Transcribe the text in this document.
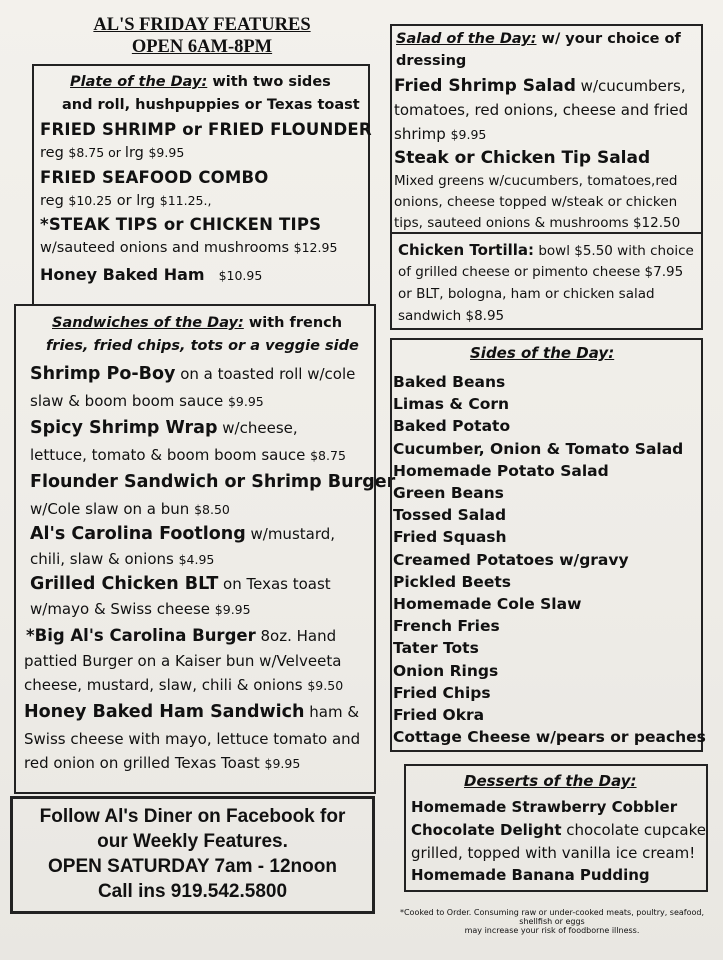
AL'S FRIDAY FEATURES
OPEN 6AM-8PM
Plate of the Day: with two sides
and roll, hushpuppies or Texas toast
FRIED SHRIMP or FRIED FLOUNDER
reg $8.75 or lrg $9.95
FRIED SEAFOOD COMBO
reg $10.25 or lrg $11.25.,
*STEAK TIPS or CHICKEN TIPS
w/sauteed onions and mushrooms $12.95
Honey Baked Ham $10.95
Sandwiches of the Day: with french
fries, fried chips, tots or a veggie side
Shrimp Po-Boy on a toasted roll w/cole
slaw & boom boom sauce $9.95
Spicy Shrimp Wrap w/cheese,
lettuce, tomato & boom boom sauce $8.75
Flounder Sandwich or Shrimp Burger
w/Cole slaw on a bun $8.50
Al's Carolina Footlong w/mustard,
chili, slaw & onions $4.95
Grilled Chicken BLT on Texas toast
w/mayo & Swiss cheese $9.95
*Big Al's Carolina Burger 8oz. Hand
pattied Burger on a Kaiser bun w/Velveeta
cheese, mustard, slaw, chili & onions $9.50
Honey Baked Ham Sandwich ham &
Swiss cheese with mayo, lettuce tomato and
red onion on grilled Texas Toast $9.95
Follow Al's Diner on Facebook for
our Weekly Features.
OPEN SATURDAY 7am - 12noon
Call ins 919.542.5800
Salad of the Day: w/ your choice of
dressing
Fried Shrimp Salad w/cucumbers,
tomatoes, red onions, cheese and fried
shrimp $9.95
Steak or Chicken Tip Salad
Mixed greens w/cucumbers, tomatoes,red
onions, cheese topped w/steak or chicken
tips, sauteed onions & mushrooms $12.50
Chicken Tortilla: bowl $5.50 with choice
of grilled cheese or pimento cheese $7.95
or BLT, bologna, ham or chicken salad
sandwich $8.95
Sides of the Day:
Baked Beans
Limas & Corn
Baked Potato
Cucumber, Onion & Tomato Salad
Homemade Potato Salad
Green Beans
Tossed Salad
Fried Squash
Creamed Potatoes w/gravy
Pickled Beets
Homemade Cole Slaw
French Fries
Tater Tots
Onion Rings
Fried Chips
Fried Okra
Cottage Cheese w/pears or peaches
Desserts of the Day:
Homemade Strawberry Cobbler
Chocolate Delight chocolate cupcake
grilled, topped with vanilla ice cream!
Homemade Banana Pudding
*Cooked to Order. Consuming raw or under-cooked meats, poultry, seafood, shellfish or eggs
may increase your risk of foodborne illness.
